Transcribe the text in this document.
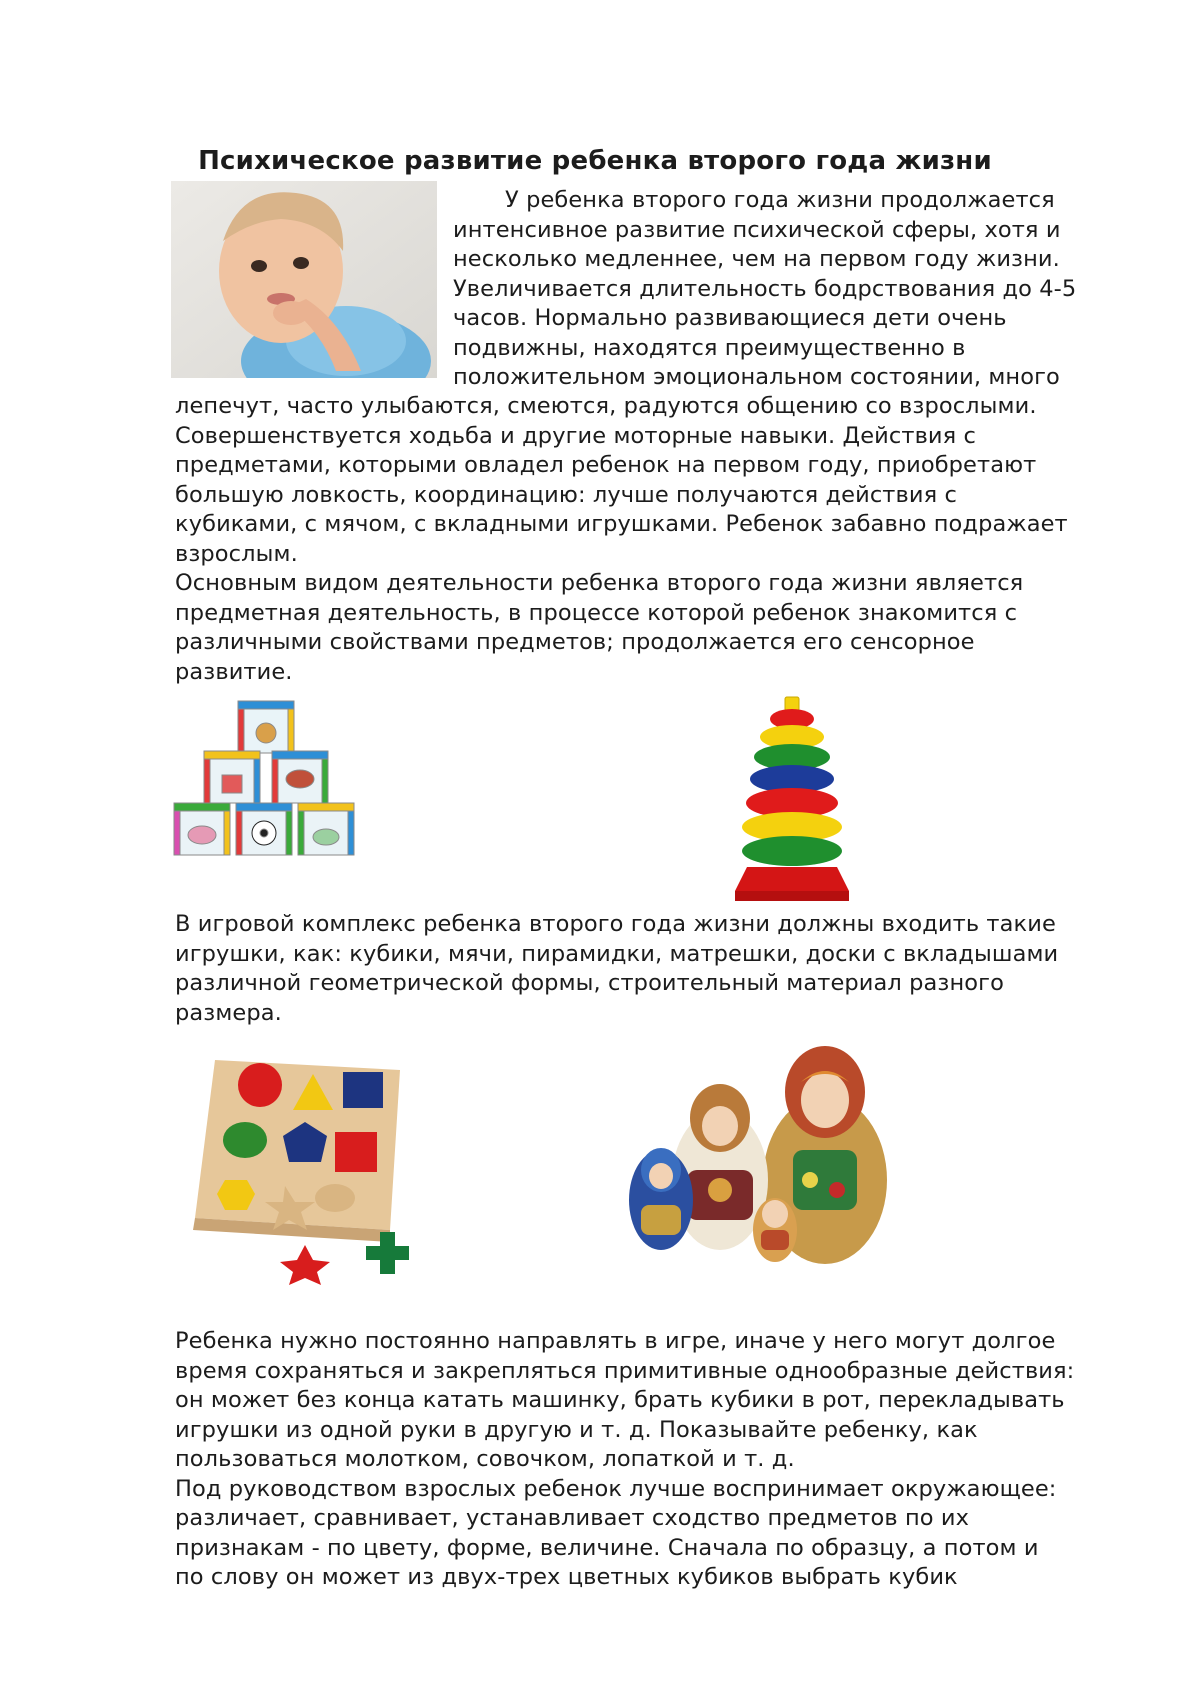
Психическое развитие ребенка второго года жизни
У ребенка второго года жизни продолжается
интенсивное развитие психической сферы, хотя и
несколько медленнее, чем на первом году жизни.
Увеличивается длительность бодрствования до 4-5
часов. Нормально развивающиеся дети очень
подвижны, находятся преимущественно в
положительном эмоциональном состоянии, много
лепечут, часто улыбаются, смеются, радуются общению со взрослыми.
Совершенствуется ходьба и другие моторные навыки. Действия с
предметами, которыми овладел ребенок на первом году, приобретают
большую ловкость, координацию: лучше получаются действия с
кубиками, с мячом, с вкладными игрушками. Ребенок забавно подражает
взрослым.
Основным видом деятельности ребенка второго года жизни является
предметная деятельность, в процессе которой ребенок знакомится с
различными свойствами предметов; продолжается его сенсорное
развитие.
В игровой комплекс ребенка второго года жизни должны входить такие
игрушки, как: кубики, мячи, пирамидки, матрешки, доски с вкладышами
различной геометрической формы, строительный материал разного
размера.
Ребенка нужно постоянно направлять в игре, иначе у него могут долгое
время сохраняться и закрепляться примитивные однообразные действия:
он может без конца катать машинку, брать кубики в рот, перекладывать
игрушки из одной руки в другую и т. д. Показывайте ребенку, как
пользоваться молотком, совочком, лопаткой и т. д.
Под руководством взрослых ребенок лучше воспринимает окружающее:
различает, сравнивает, устанавливает сходство предметов по их
признакам - по цвету, форме, величине. Сначала по образцу, а потом и
по слову он может из двух-трех цветных кубиков выбрать кубик
